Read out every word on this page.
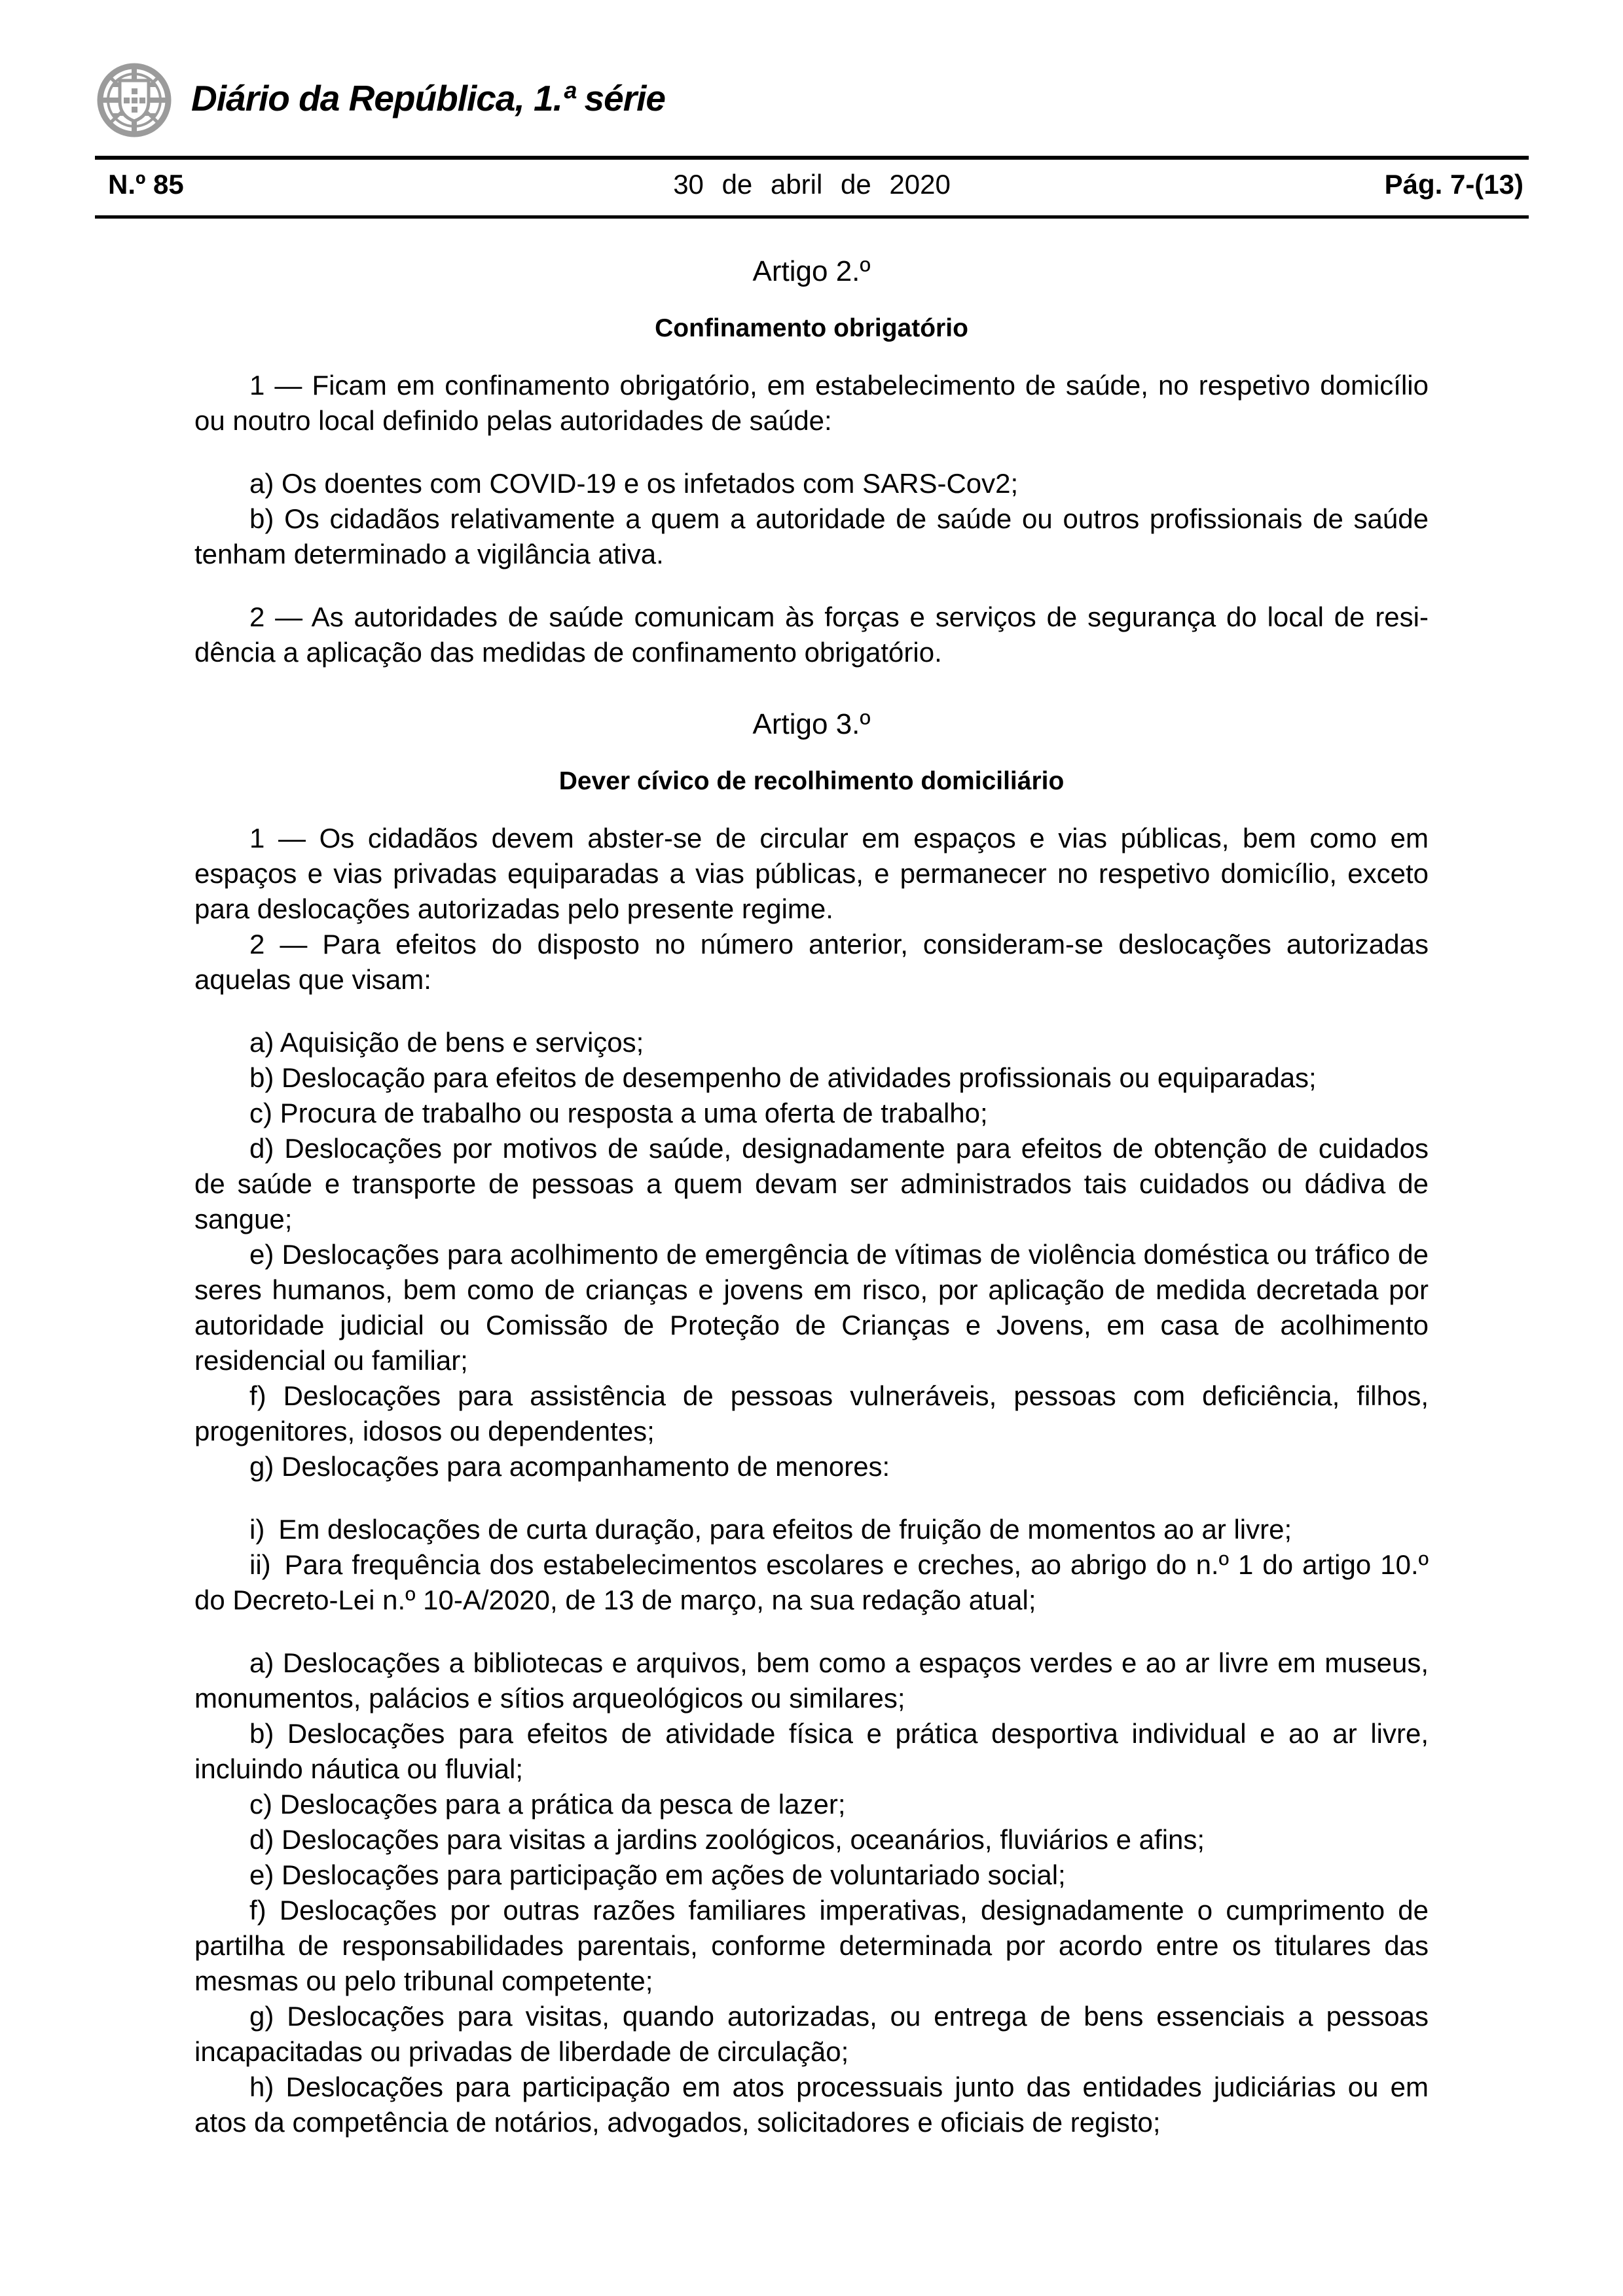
Diário da República, 1.ª série
N.º 85	30 de abril de 2020	Pág. 7-(13)

Artigo 2.º

Confinamento obrigatório

1 — Ficam em confinamento obrigatório, em estabelecimento de saúde, no respetivo domicílio ou noutro local definido pelas autoridades de saúde:

a) Os doentes com COVID-19 e os infetados com SARS-Cov2;

b) Os cidadãos relativamente a quem a autoridade de saúde ou outros profissionais de saúde tenham determinado a vigilância ativa.

2 — As autoridades de saúde comunicam às forças e serviços de segurança do local de residência a aplicação das medidas de confinamento obrigatório.

Artigo 3.º

Dever cívico de recolhimento domiciliário

1 — Os cidadãos devem abster-se de circular em espaços e vias públicas, bem como em espaços e vias privadas equiparadas a vias públicas, e permanecer no respetivo domicílio, exceto para deslocações autorizadas pelo presente regime.

2 — Para efeitos do disposto no número anterior, consideram-se deslocações autorizadas aquelas que visam:

a) Aquisição de bens e serviços;

b) Deslocação para efeitos de desempenho de atividades profissionais ou equiparadas;

c) Procura de trabalho ou resposta a uma oferta de trabalho;

d) Deslocações por motivos de saúde, designadamente para efeitos de obtenção de cuidados de saúde e transporte de pessoas a quem devam ser administrados tais cuidados ou dádiva de sangue;

e) Deslocações para acolhimento de emergência de vítimas de violência doméstica ou tráfico de seres humanos, bem como de crianças e jovens em risco, por aplicação de medida decretada por autoridade judicial ou Comissão de Proteção de Crianças e Jovens, em casa de acolhimento residencial ou familiar;

f) Deslocações para assistência de pessoas vulneráveis, pessoas com deficiência, filhos, progenitores, idosos ou dependentes;

g) Deslocações para acompanhamento de menores:

i) Em deslocações de curta duração, para efeitos de fruição de momentos ao ar livre;

ii) Para frequência dos estabelecimentos escolares e creches, ao abrigo do n.º 1 do artigo 10.º do Decreto-Lei n.º 10-A/2020, de 13 de março, na sua redação atual;

a) Deslocações a bibliotecas e arquivos, bem como a espaços verdes e ao ar livre em museus, monumentos, palácios e sítios arqueológicos ou similares;

b) Deslocações para efeitos de atividade física e prática desportiva individual e ao ar livre, incluindo náutica ou fluvial;

c) Deslocações para a prática da pesca de lazer;

d) Deslocações para visitas a jardins zoológicos, oceanários, fluviários e afins;

e) Deslocações para participação em ações de voluntariado social;

f) Deslocações por outras razões familiares imperativas, designadamente o cumprimento de partilha de responsabilidades parentais, conforme determinada por acordo entre os titulares das mesmas ou pelo tribunal competente;

g) Deslocações para visitas, quando autorizadas, ou entrega de bens essenciais a pessoas incapacitadas ou privadas de liberdade de circulação;

h) Deslocações para participação em atos processuais junto das entidades judiciárias ou em atos da competência de notários, advogados, solicitadores e oficiais de registo;
